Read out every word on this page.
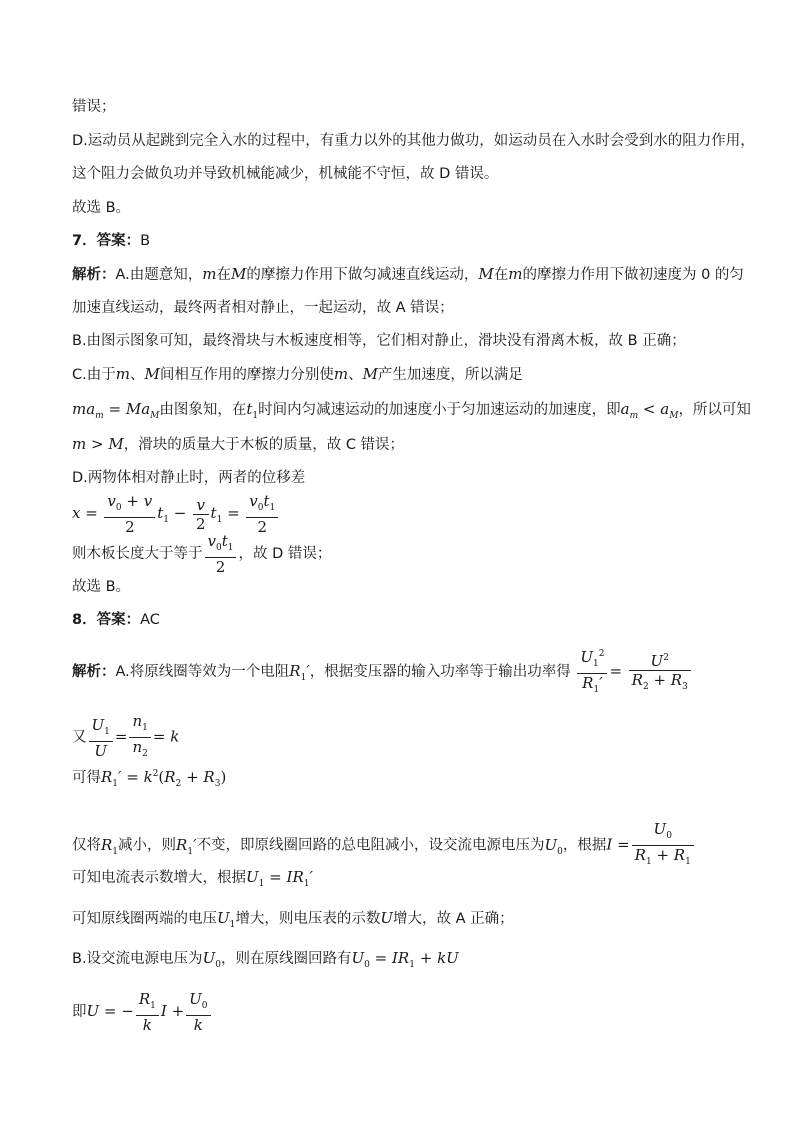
错误；
D.运动员从起跳到完全入水的过程中，有重力以外的其他力做功，如运动员在入水时会受到水的阻力作用，
这个阻力会做负功并导致机械能减少，机械能不守恒，故 D 错误。
故选 B。
7．答案：B
解析：A.由题意知，m在M的摩擦力作用下做匀减速直线运动，M在m的摩擦力作用下做初速度为 0 的匀
加速直线运动，最终两者相对静止，一起运动，故 A 错误；
B.由图示图象可知，最终滑块与木板速度相等，它们相对静止，滑块没有滑离木板，故 B 正确；
C.由于m、M间相互作用的摩擦力分别使m、M产生加速度，所以满足
$ma_m = Ma_M$由图象知，在$t_1$时间内匀减速运动的加速度小于匀加速运动的加速度，即$a_m < a_M$，所以可知
m > M，滑块的质量大于木板的质量，故 C 错误；
D.两物体相对静止时，两者的位移差
$x = \frac{v_0 + v}{2} t_1 - \frac{v}{2} t_1 = \frac{v_0t_1}{2}$
则木板长度大于等于 $\frac{v_0t_1}{2}$ ，故 D 错误；
故选 B。
8．答案：AC
解析：A.将原线圈等效为一个电阻$R_1'$，根据变压器的输入功率等于输出功率得 $\frac{U_1^2}{R_1'} = \frac{U^2}{R_2 + R_3}$
又 $\frac{U_1}{U} = \frac{n_1}{n_2} = k$
可得$R_1' = k^2(R_2 + R_3)$
仅将$R_1$减小，则$R_1'$不变，即原线圈回路的总电阻减小，设交流电源电压为$U_0$，根据$I = \frac{U_0}{R_1 + R_1}$
可知电流表示数增大，根据$U_1 = IR_1'$
可知原线圈两端的电压$U_1$增大，则电压表的示数U增大，故 A 正确；
B.设交流电源电压为$U_0$，则在原线圈回路有$U_0 = IR_1$ + kU
即U = − $\frac{R_1}{k}$ $I + \frac{U_0}{k}$
